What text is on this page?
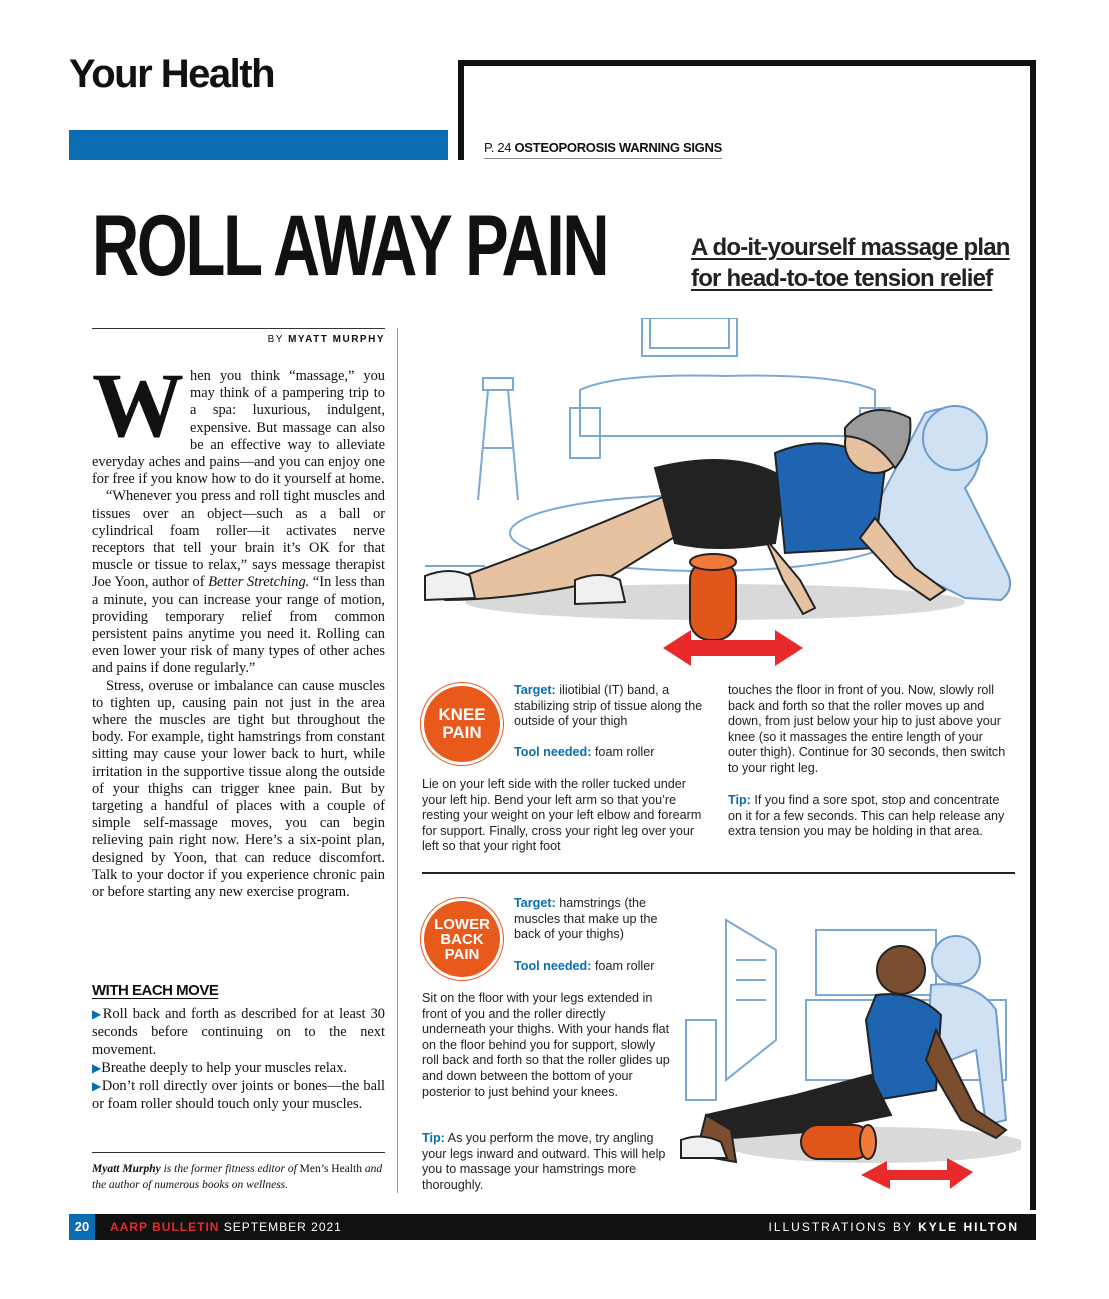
Your Health
P. 24 OSTEOPOROSIS WARNING SIGNS
ROLL AWAY PAIN	A do-it-yourself massage plan for head-to-toe tension relief
BY MYATT MURPHY

When you think “massage,” you may think of a pampering trip to a spa: luxurious, indulgent, expensive. But massage can also be an effective way to alleviate everyday aches and pains—and you can enjoy one for free if you know how to do it yourself at home.

“Whenever you press and roll tight muscles and tissues over an object—such as a ball or cylindrical foam roller—it activates nerve receptors that tell your brain it’s OK for that muscle or tissue to relax,” says message therapist Joe Yoon, author of Better Stretching. “In less than a minute, you can increase your range of motion, providing temporary relief from common persistent pains anytime you need it. Rolling can even lower your risk of many types of other aches and pains if done regularly.”

Stress, overuse or imbalance can cause muscles to tighten up, causing pain not just in the area where the muscles are tight but throughout the body. For example, tight hamstrings from constant sitting may cause your lower back to hurt, while irritation in the supportive tissue along the outside of your thighs can trigger knee pain. But by targeting a handful of places with a couple of simple self-massage moves, you can begin relieving pain right now. Here’s a six-point plan, designed by Yoon, that can reduce discomfort. Talk to your doctor if you experience chronic pain or before starting any new exercise program.

WITH EACH MOVE
▶Roll back and forth as described for at least 30 seconds before continuing on to the next movement.
▶Breathe deeply to help your muscles relax.
▶Don’t roll directly over joints or bones—the ball or foam roller should touch only your muscles.
Myatt Murphy is the former fitness editor of Men’s Health and the author of numerous books on wellness.
KNEE
PAIN
Target: iliotibial (IT) band, a stabilizing strip of tissue along the outside of your thigh
Tool needed: foam roller
Lie on your left side with the roller tucked under your left hip. Bend your left arm so that you’re resting your weight on your left elbow and forearm for support. Finally, cross your right leg over your left so that your right foot
touches the floor in front of you. Now, slowly roll back and forth so that the roller moves up and down, from just below your hip to just above your knee (so it massages the entire length of your outer thigh). Continue for 30 seconds, then switch to your right leg.
Tip: If you find a sore spot, stop and concentrate on it for a few seconds. This can help release any extra tension you may be holding in that area.
LOWER
BACK
PAIN
Target: hamstrings (the muscles that make up the back of your thighs)
Tool needed: foam roller
Sit on the floor with your legs extended in front of you and the roller directly underneath your thighs. With your hands flat on the floor behind you for support, slowly roll back and forth so that the roller glides up and down between the bottom of your posterior to just behind your knees.
Tip: As you perform the move, try angling your legs inward and outward. This will help you to massage your hamstrings more thoroughly.
20	AARP BULLETIN SEPTEMBER 2021	ILLUSTRATIONS BY KYLE HILTON
